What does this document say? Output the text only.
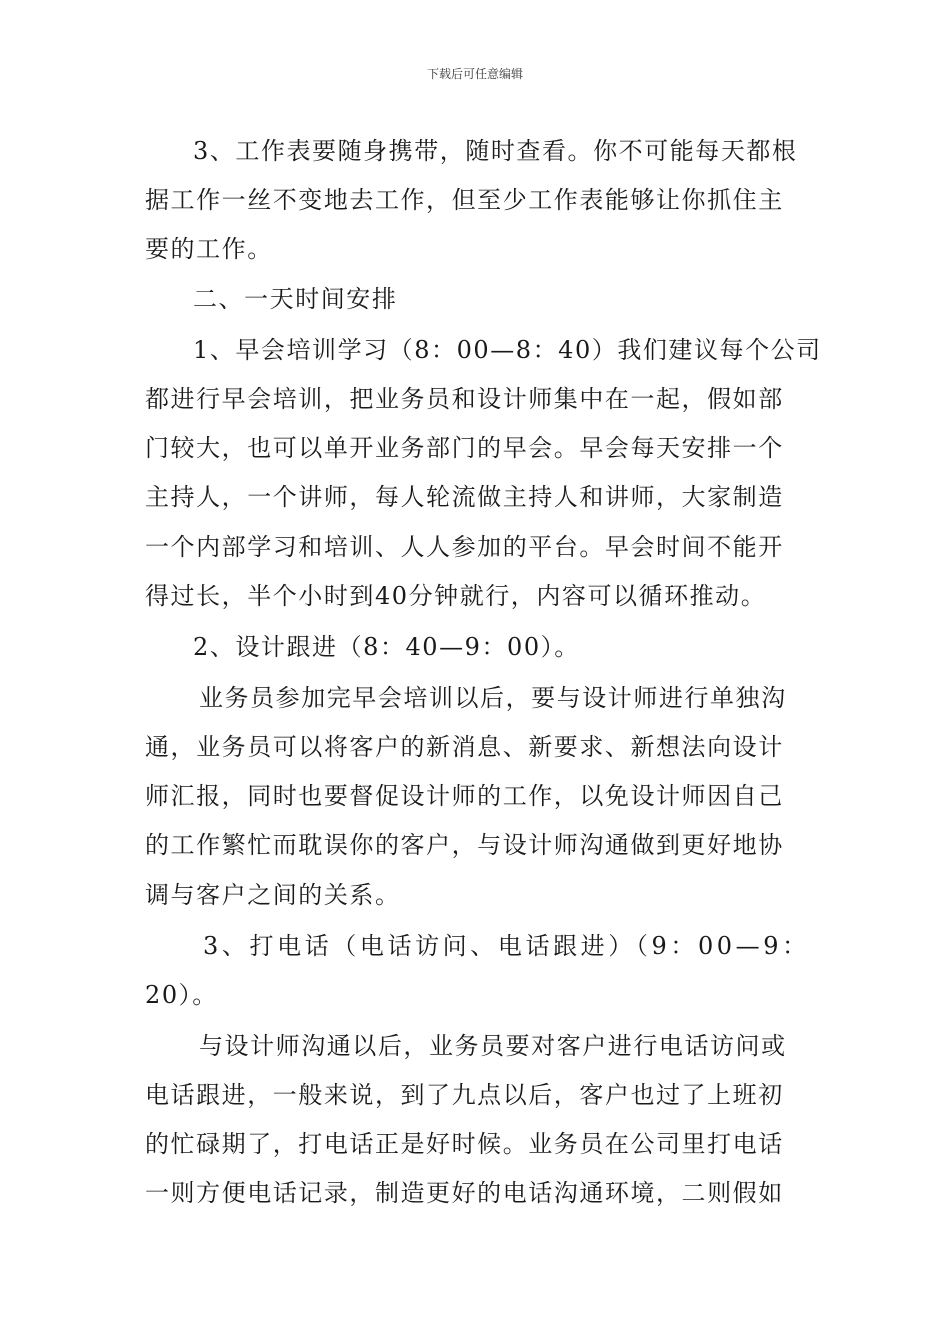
下载后可任意编辑
3、工作表要随身携带，随时查看。你不可能每天都根
据工作一丝不变地去工作，但至少工作表能够让你抓住主
要的工作。
二、一天时间安排
1、早会培训学习（8：00—8：40）我们建议每个公司
都进行早会培训，把业务员和设计师集中在一起，假如部
门较大，也可以单开业务部门的早会。早会每天安排一个
主持人，一个讲师，每人轮流做主持人和讲师，大家制造
一个内部学习和培训、人人参加的平台。早会时间不能开
得过长，半个小时到40分钟就行，内容可以循环推动。
2、设计跟进（8：40—9：00）。
业务员参加完早会培训以后，要与设计师进行单独沟
通，业务员可以将客户的新消息、新要求、新想法向设计
师汇报，同时也要督促设计师的工作，以免设计师因自己
的工作繁忙而耽误你的客户，与设计师沟通做到更好地协
调与客户之间的关系。
3、打电话（电话访问、电话跟进）（9：00—9：
20）。
与设计师沟通以后，业务员要对客户进行电话访问或
电话跟进，一般来说，到了九点以后，客户也过了上班初
的忙碌期了，打电话正是好时候。业务员在公司里打电话
一则方便电话记录，制造更好的电话沟通环境，二则假如
